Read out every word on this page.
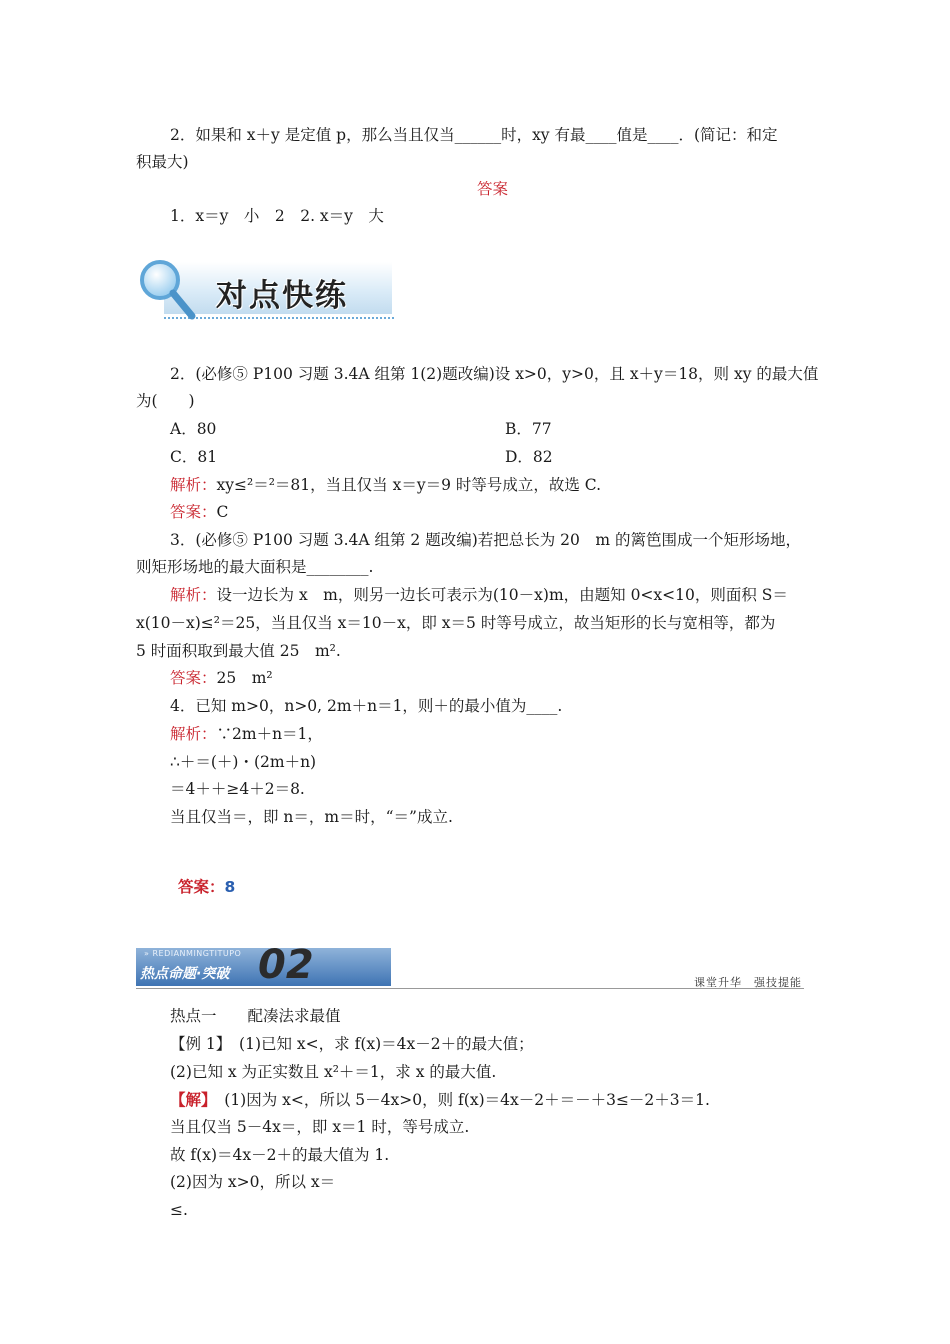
2．如果和 x＋y 是定值 p，那么当且仅当______时，xy 有最____值是____．(简记：和定
积最大)
答案
1．x＝y　小　2　2. x＝y　大
对点快练
2．(必修⑤ P100 习题 3.4A 组第 1(2)题改编)设 x>0，y>0，且 x＋y＝18，则 xy 的最大值
为(　　)
A．80	B．77
C．81	D．82
解析：xy≤²＝²＝81，当且仅当 x＝y＝9 时等号成立，故选 C.
答案：C
3．(必修⑤ P100 习题 3.4A 组第 2 题改编)若把总长为 20　m 的篱笆围成一个矩形场地，
则矩形场地的最大面积是________.
解析：设一边长为 x　m，则另一边长可表示为(10－x)m，由题知 0<x<10，则面积 S＝
x(10－x)≤²＝25，当且仅当 x＝10－x，即 x＝5 时等号成立，故当矩形的长与宽相等，都为
5 时面积取到最大值 25　m².
答案：25　m²
4．已知 m>0，n>0, 2m＋n＝1，则＋的最小值为____.
解析：∵2m＋n＝1，
∴＋＝(＋)・(2m＋n)
＝4＋＋≥4＋2＝8.
当且仅当＝，即 n＝，m＝时，“＝”成立.
答案：8
» REDIANMINGTITUPO
热点命题·突破 02	课堂升华　强技提能
热点一　　配凑法求最值
【例 1】　(1)已知 x<，求 f(x)＝4x－2＋的最大值；
(2)已知 x 为正实数且 x²＋＝1，求 x 的最大值.
【解】　(1)因为 x<，所以 5－4x>0，则 f(x)＝4x－2＋＝－＋3≤－2＋3＝1.
当且仅当 5－4x＝，即 x＝1 时，等号成立.
故 f(x)＝4x－2＋的最大值为 1.
(2)因为 x>0，所以 x＝
≤.
